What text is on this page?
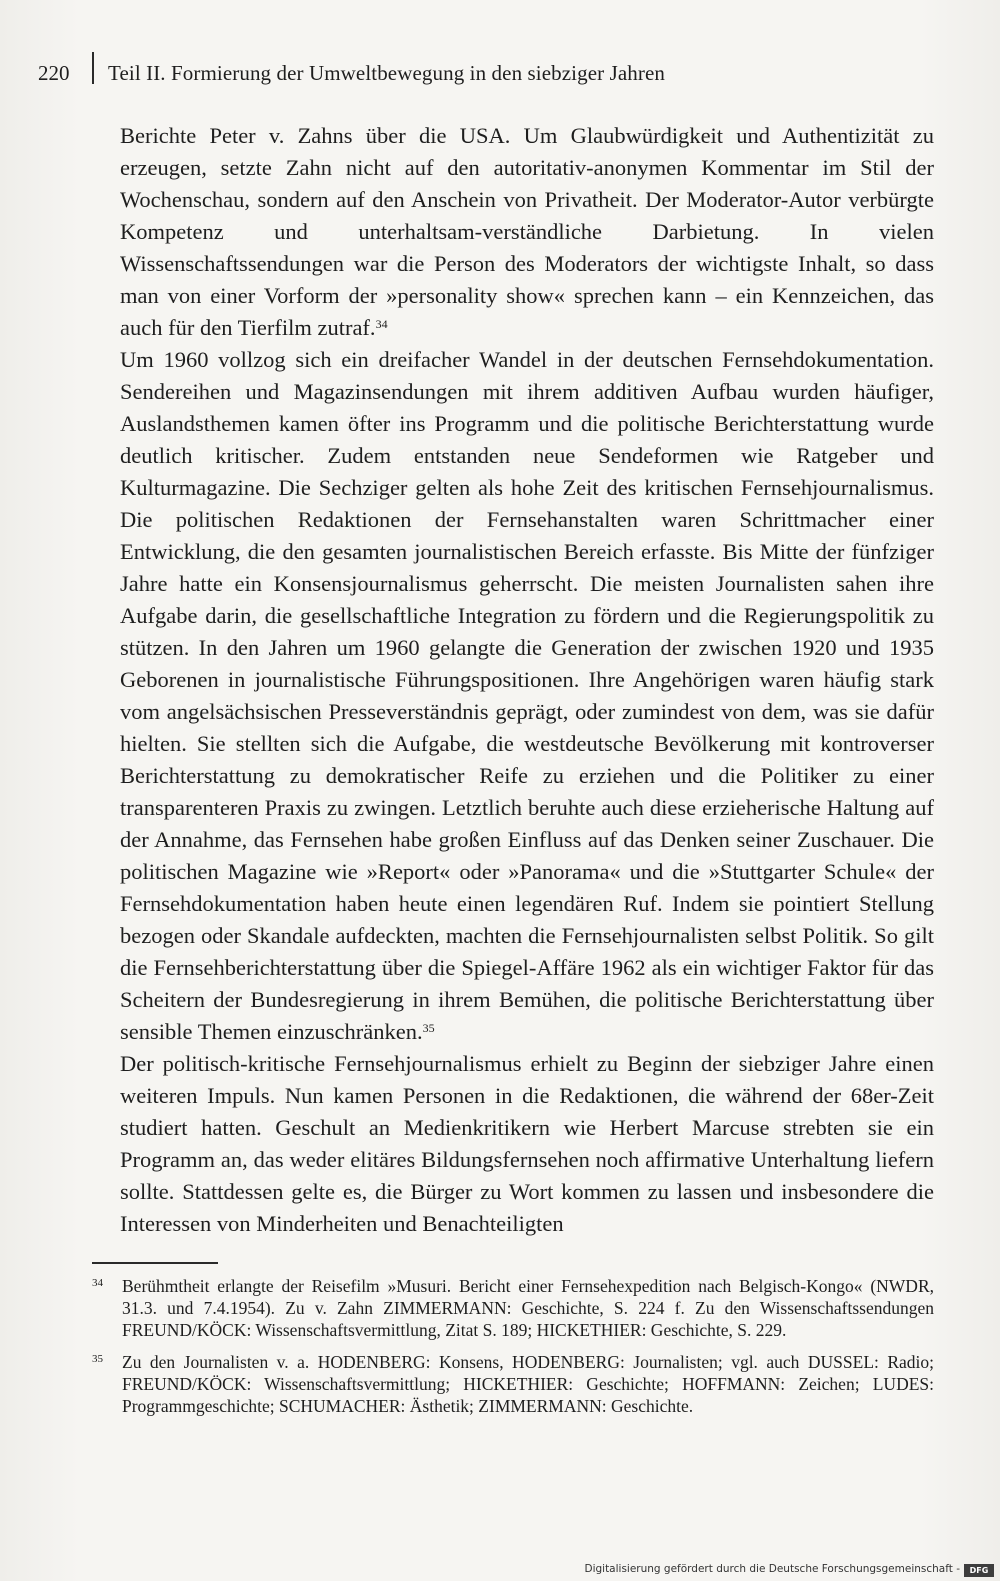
220 Teil II. Formierung der Umweltbewegung in den siebziger Jahren

Berichte Peter v. Zahns über die USA. Um Glaubwürdigkeit und Authentizität zu erzeugen, setzte Zahn nicht auf den autoritativ-anonymen Kommentar im Stil der Wochenschau, sondern auf den Anschein von Privatheit. Der Moderator-Autor verbürgte Kompetenz und unterhaltsam-verständliche Darbietung. In vielen Wissenschaftssendungen war die Person des Moderators der wichtigste Inhalt, so dass man von einer Vorform der »personality show« sprechen kann – ein Kennzeichen, das auch für den Tierfilm zutraf.$^{34}$

Um 1960 vollzog sich ein dreifacher Wandel in der deutschen Fernsehdokumentation. Sendereihen und Magazinsendungen mit ihrem additiven Aufbau wurden häufiger, Auslandsthemen kamen öfter ins Programm und die politische Berichterstattung wurde deutlich kritischer. Zudem entstanden neue Sendeformen wie Ratgeber und Kulturmagazine. Die Sechziger gelten als hohe Zeit des kritischen Fernsehjournalismus. Die politischen Redaktionen der Fernsehanstalten waren Schrittmacher einer Entwicklung, die den gesamten journalistischen Bereich erfasste. Bis Mitte der fünfziger Jahre hatte ein Konsensjournalismus geherrscht. Die meisten Journalisten sahen ihre Aufgabe darin, die gesellschaftliche Integration zu fördern und die Regierungspolitik zu stützen. In den Jahren um 1960 gelangte die Generation der zwischen 1920 und 1935 Geborenen in journalistische Führungspositionen. Ihre Angehörigen waren häufig stark vom angelsächsischen Presseverständnis geprägt, oder zumindest von dem, was sie dafür hielten. Sie stellten sich die Aufgabe, die westdeutsche Bevölkerung mit kontroverser Berichterstattung zu demokratischer Reife zu erziehen und die Politiker zu einer transparenteren Praxis zu zwingen. Letztlich beruhte auch diese erzieherische Haltung auf der Annahme, das Fernsehen habe großen Einfluss auf das Denken seiner Zuschauer. Die politischen Magazine wie »Report« oder »Panorama« und die »Stuttgarter Schule« der Fernsehdokumentation haben heute einen legendären Ruf. Indem sie pointiert Stellung bezogen oder Skandale aufdeckten, machten die Fernsehjournalisten selbst Politik. So gilt die Fernsehberichterstattung über die Spiegel-Affäre 1962 als ein wichtiger Faktor für das Scheitern der Bundesregierung in ihrem Bemühen, die politische Berichterstattung über sensible Themen einzuschränken.$^{35}$

Der politisch-kritische Fernsehjournalismus erhielt zu Beginn der siebziger Jahre einen weiteren Impuls. Nun kamen Personen in die Redaktionen, die während der 68er-Zeit studiert hatten. Geschult an Medienkritikern wie Herbert Marcuse strebten sie ein Programm an, das weder elitäres Bildungsfernsehen noch affirmative Unterhaltung liefern sollte. Stattdessen gelte es, die Bürger zu Wort kommen zu lassen und insbesondere die Interessen von Minderheiten und Benachteiligten

34 Berühmtheit erlangte der Reisefilm »Musuri. Bericht einer Fernsehexpedition nach Belgisch-Kongo« (NWDR, 31.3. und 7.4.1954). Zu v. Zahn ZIMMERMANN: Geschichte, S. 224 f. Zu den Wissenschaftssendungen FREUND/KÖCK: Wissenschaftsvermittlung, Zitat S. 189; HICKETHIER: Geschichte, S. 229.
35 Zu den Journalisten v. a. HODENBERG: Konsens, HODENBERG: Journalisten; vgl. auch DUSSEL: Radio; FREUND/KÖCK: Wissenschaftsvermittlung; HICKETHIER: Geschichte; HOFFMANN: Zeichen; LUDES: Programmgeschichte; SCHUMACHER: Ästhetik; ZIMMERMANN: Geschichte.
Digitalisierung gefördert durch die Deutsche Forschungsgemeinschaft -	DFG
